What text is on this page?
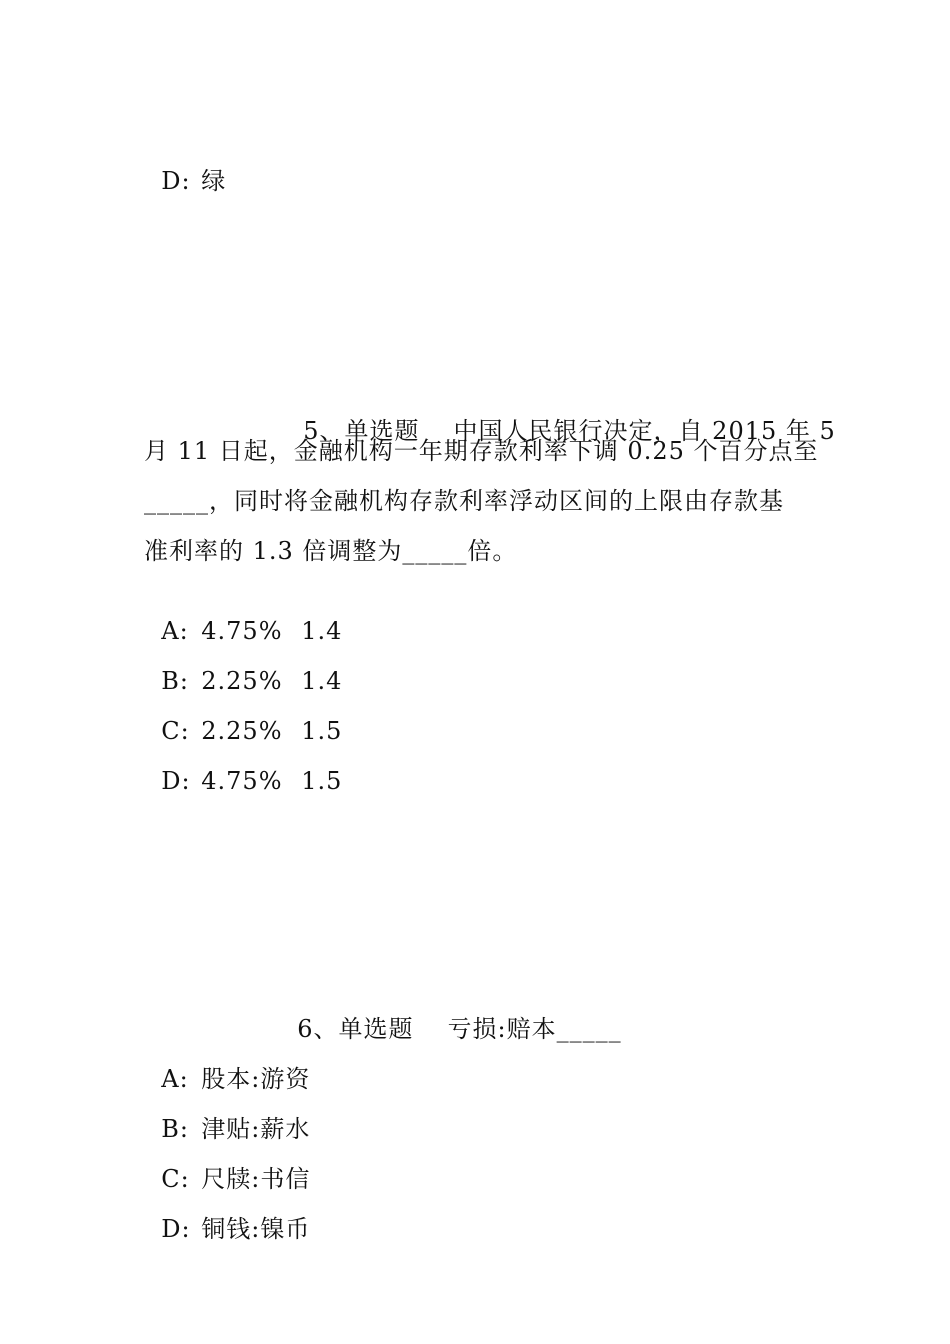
D: 绿

5、单选题 中国人民银行决定，自 2015 年 5

月 11 日起，金融机构一年期存款利率下调 0.25 个百分点至
_____，同时将金融机构存款利率浮动区间的上限由存款基
准利率的 1.3 倍调整为_____倍。

A: 4.75% 1.4

B: 2.25% 1.4

C: 2.25% 1.5

D: 4.75% 1.5

6、单选题 亏损:赔本_____

A: 股本:游资

B: 津贴:薪水

C: 尺牍:书信

D: 铜钱:镍币
